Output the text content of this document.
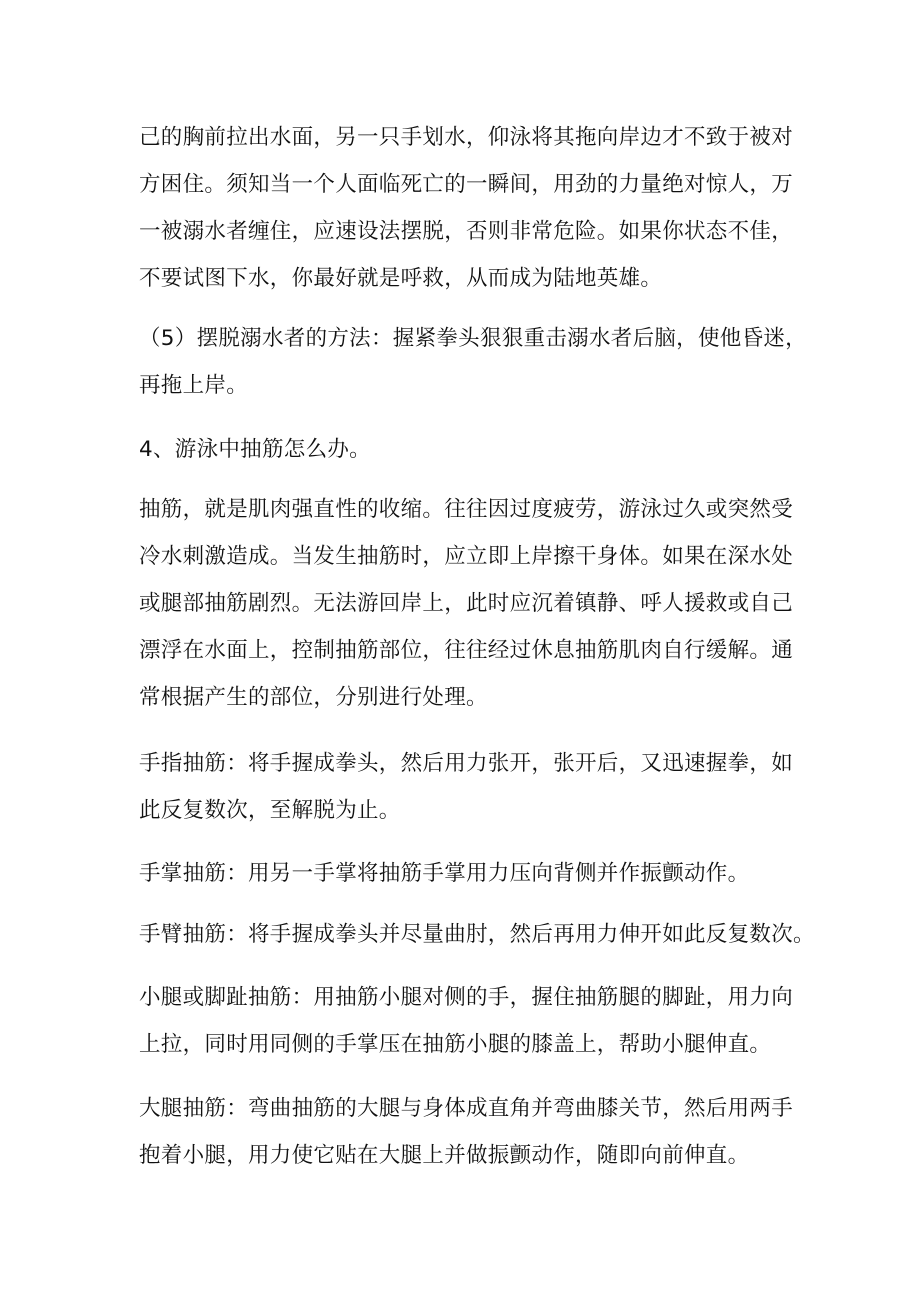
己的胸前拉出水面，另一只手划水，仰泳将其拖向岸边才不致于被对
方困住。须知当一个人面临死亡的一瞬间，用劲的力量绝对惊人，万
一被溺水者缠住，应速设法摆脱，否则非常危险。如果你状态不佳，
不要试图下水，你最好就是呼救，从而成为陆地英雄。
（5）摆脱溺水者的方法：握紧拳头狠狠重击溺水者后脑，使他昏迷，
再拖上岸。
4、游泳中抽筋怎么办。
抽筋，就是肌肉强直性的收缩。往往因过度疲劳，游泳过久或突然受
冷水刺激造成。当发生抽筋时，应立即上岸擦干身体。如果在深水处
或腿部抽筋剧烈。无法游回岸上，此时应沉着镇静、呼人援救或自己
漂浮在水面上，控制抽筋部位，往往经过休息抽筋肌肉自行缓解。通
常根据产生的部位，分别进行处理。
手指抽筋：将手握成拳头，然后用力张开，张开后，又迅速握拳，如
此反复数次，至解脱为止。
手掌抽筋：用另一手掌将抽筋手掌用力压向背侧并作振颤动作。
手臂抽筋：将手握成拳头并尽量曲肘，然后再用力伸开如此反复数次。
小腿或脚趾抽筋：用抽筋小腿对侧的手，握住抽筋腿的脚趾，用力向
上拉，同时用同侧的手掌压在抽筋小腿的膝盖上，帮助小腿伸直。
大腿抽筋：弯曲抽筋的大腿与身体成直角并弯曲膝关节，然后用两手
抱着小腿，用力使它贴在大腿上并做振颤动作，随即向前伸直。
